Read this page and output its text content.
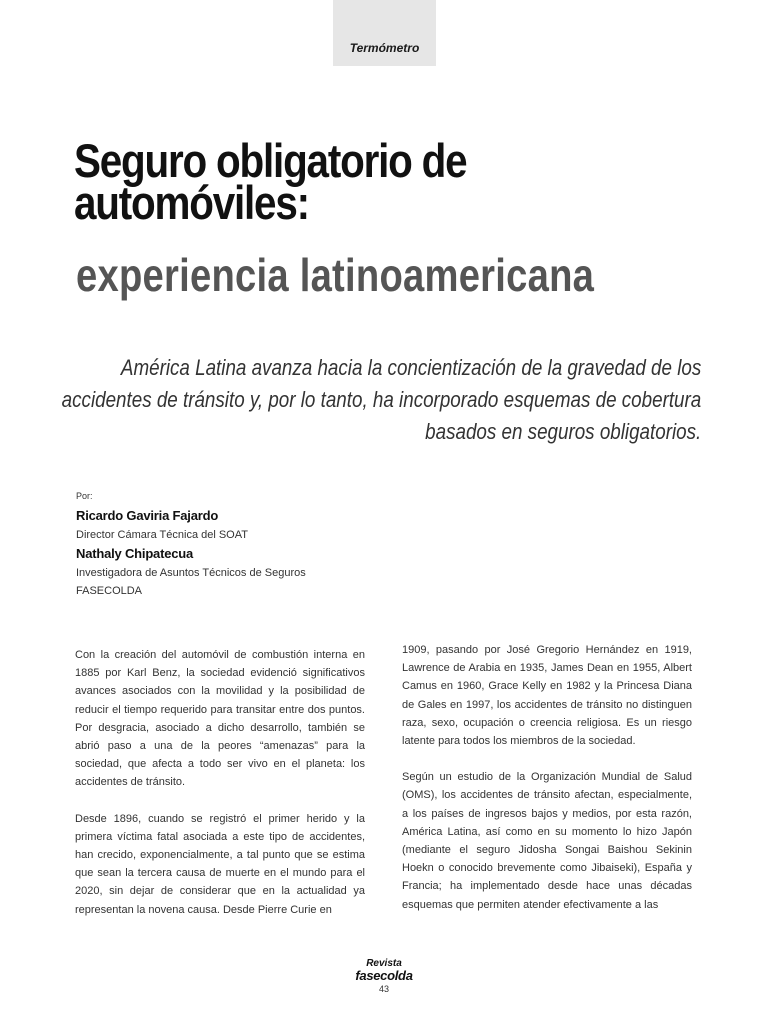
Termómetro
Seguro obligatorio de automóviles:
experiencia latinoamericana

América Latina avanza hacia la concientización de la gravedad de los accidentes de tránsito y, por lo tanto, ha incorporado esquemas de cobertura basados en seguros obligatorios.

Por:
Ricardo Gaviria Fajardo
Director Cámara Técnica del SOAT
Nathaly Chipatecua
Investigadora de Asuntos Técnicos de Seguros
FASECOLDA

Con la creación del automóvil de combustión interna en 1885 por Karl Benz, la sociedad evidenció significativos avances asociados con la movilidad y la posibilidad de reducir el tiempo requerido para transitar entre dos puntos. Por desgracia, asociado a dicho desarrollo, también se abrió paso a una de la peores “amenazas” para la sociedad, que afecta a todo ser vivo en el planeta: los accidentes de tránsito.

Desde 1896, cuando se registró el primer herido y la primera víctima fatal asociada a este tipo de accidentes, han crecido, exponencialmente, a tal punto que se estima que sean la tercera causa de muerte en el mundo para el 2020, sin dejar de considerar que en la actualidad ya representan la novena causa. Desde Pierre Curie en

1909, pasando por José Gregorio Hernández en 1919, Lawrence de Arabia en 1935, James Dean en 1955, Albert Camus en 1960, Grace Kelly en 1982 y la Princesa Diana de Gales en 1997, los accidentes de tránsito no distinguen raza, sexo, ocupación o creencia religiosa. Es un riesgo latente para todos los miembros de la sociedad.

Según un estudio de la Organización Mundial de Salud (OMS), los accidentes de tránsito afectan, especialmente, a los países de ingresos bajos y medios, por esta razón, América Latina, así como en su momento lo hizo Japón (mediante el seguro Jidosha Songai Baishou Sekinin Hoekn o conocido brevemente como Jibaiseki), España y Francia; ha implementado desde hace unas décadas esquemas que permiten atender efectivamente a las

Revista
fasecolda
43
